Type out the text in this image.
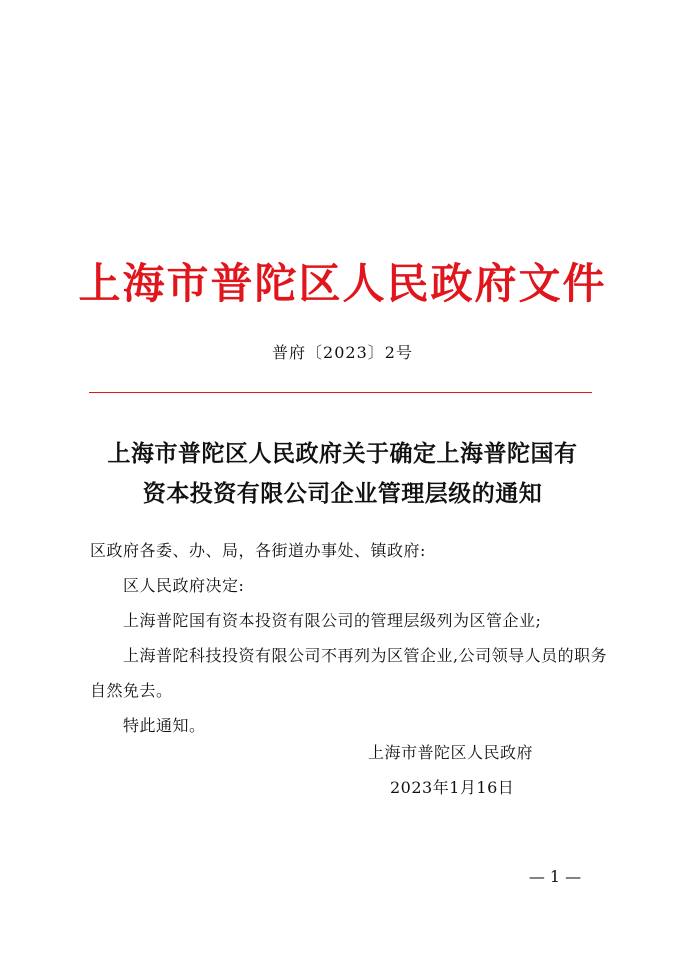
上海市普陀区人民政府文件
普府〔2023〕2号
上海市普陀区人民政府关于确定上海普陀国有
资本投资有限公司企业管理层级的通知

区政府各委、办、局，各街道办事处、镇政府:

区人民政府决定:

上海普陀国有资本投资有限公司的管理层级列为区管企业;

上海普陀科技投资有限公司不再列为区管企业,公司领导人员的职务自然免去。

特此通知。

上海市普陀区人民政府
2023年1月16日
— 1 —
